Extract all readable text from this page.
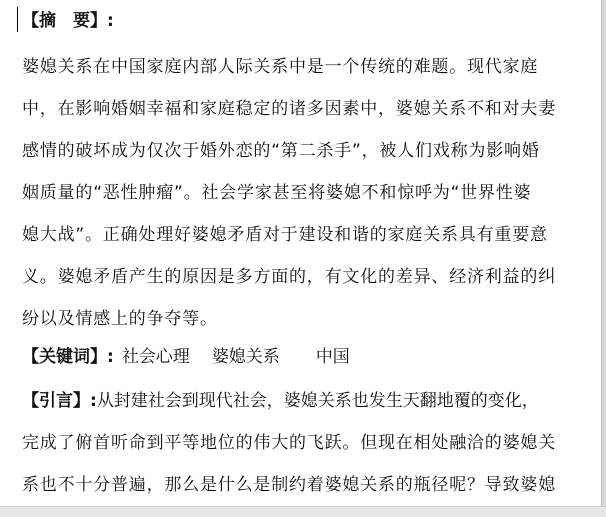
【摘　要】:
婆媳关系在中国家庭内部人际关系中是一个传统的难题。现代家庭
中，在影响婚姻幸福和家庭稳定的诸多因素中，婆媳关系不和对夫妻
感情的破坏成为仅次于婚外恋的“第二杀手”，被人们戏称为影响婚
姻质量的“恶性肿瘤”。社会学家甚至将婆媳不和惊呼为“世界性婆
媳大战”。正确处理好婆媳矛盾对于建设和谐的家庭关系具有重要意
义。婆媳矛盾产生的原因是多方面的，有文化的差异、经济利益的纠
纷以及情感上的争夺等。
【关键词】: 社会心理 婆媳关系 中国
【引言】:从封建社会到现代社会，婆媳关系也发生天翻地覆的变化，
完成了俯首听命到平等地位的伟大的飞跃。但现在相处融洽的婆媳关
系也不十分普遍，那么是什么是制约着婆媳关系的瓶径呢？导致婆媳
